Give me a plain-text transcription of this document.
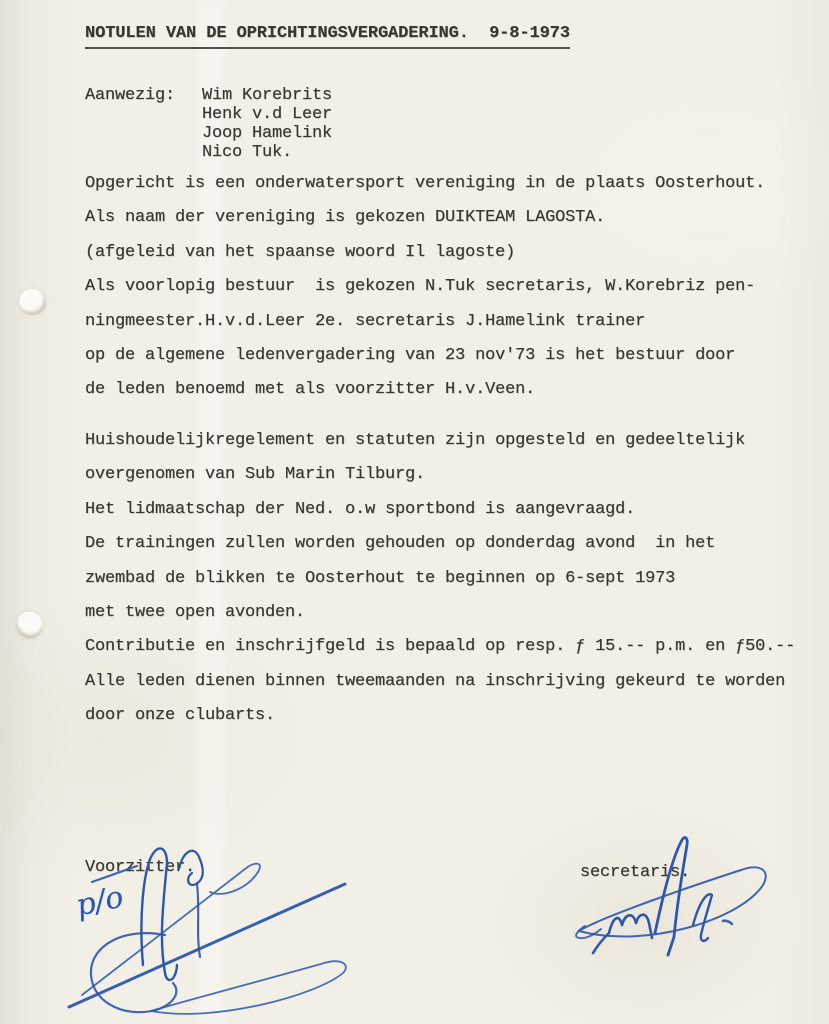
NOTULEN VAN DE OPRICHTINGSVERGADERING.  9-8-1973
Aanwezig: Wim Korebrits
Henk v.d Leer
Joop Hamelink
Nico Tuk.
Opgericht is een onderwatersport vereniging in de plaats Oosterhout.
Als naam der vereniging is gekozen DUIKTEAM LAGOSTA.
(afgeleid van het spaanse woord Il lagoste)
Als voorlopig bestuur  is gekozen N.Tuk secretaris, W.Korebriz pen-
ningmeester.H.v.d.Leer 2e. secretaris J.Hamelink trainer
op de algemene ledenvergadering van 23 nov'73 is het bestuur door
de leden benoemd met als voorzitter H.v.Veen.
Huishoudelijkregelement en statuten zijn opgesteld en gedeeltelijk
overgenomen van Sub Marin Tilburg.
Het lidmaatschap der Ned. o.w sportbond is aangevraagd.
De trainingen zullen worden gehouden op donderdag avond  in het
zwembad de blikken te Oosterhout te beginnen op 6-sept 1973
met twee open avonden.
Contributie en inschrijfgeld is bepaald op resp. ƒ 15.-- p.m. en ƒ50.--
Alle leden dienen binnen tweemaanden na inschrijving gekeurd te worden
door onze clubarts.
Voorzitter.	secretaris.
p/o
